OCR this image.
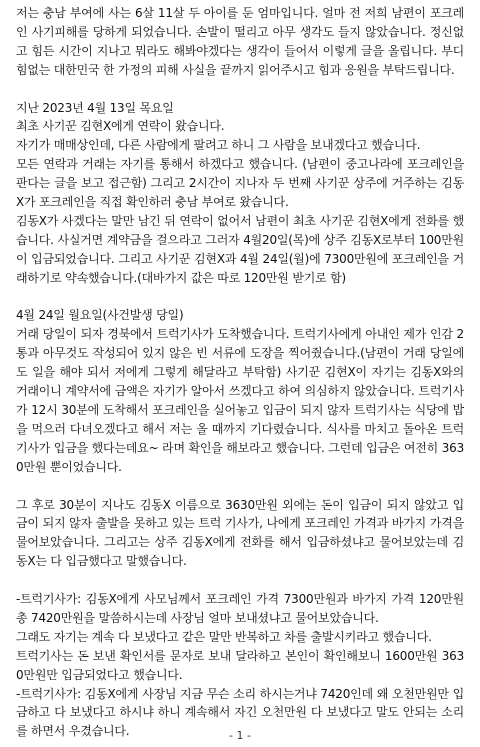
저는 충남 부여에 사는 6살 11살 두 아이를 둔 엄마입니다. 얼마 전 저희 남편이 포크레인 사기피해를 당하게 되었습니다. 손발이 떨리고 아무 생각도 들지 않았습니다. 정신없고 힘든 시간이 지나고 뭐라도 해봐야겠다는 생각이 들어서 이렇게 글을 올립니다. 부디 힘없는 대한민국 한 가정의 피해 사실을 끝까지 읽어주시고 힘과 응원을 부탁드립니다.

지난 2023년 4월 13일 목요일

최초 사기꾼 김현X에게 연락이 왔습니다.

자기가 매매상인데, 다른 사람에게 팔려고 하니 그 사람을 보내겠다고 했습니다.

모든 연락과 거래는 자기를 통해서 하겠다고 했습니다. (남편이 중고나라에 포크레인을 판다는 글을 보고 접근함) 그리고 2시간이 지나자 두 번째 사기꾼 상주에 거주하는 김동X가 포크레인을 직접 확인하러 충남 부여로 왔습니다.

김동X가 사겠다는 말만 남긴 뒤 연락이 없어서 남편이 최초 사기꾼 김현X에게 전화를 했습니다. 사실거면 계약금을 걸으라고 그러자 4월20일(목)에 상주 김동X로부터 100만원이 입금되었습니다. 그리고 사기꾼 김현X과 4월 24일(월)에 7300만원에 포크레인을 거래하기로 약속했습니다.(대바가지 값은 따로 120만원 받기로 함)

4월 24일 월요일(사건발생 당일)

거래 당일이 되자 경북에서 트럭기사가 도착했습니다. 트럭기사에게 아내인 제가 인감 2통과 아무것도 작성되어 있지 않은 빈 서류에 도장을 찍어줬습니다.(남편이 거래 당일에도 일을 해야 되서 저에게 그렇게 해달라고 부탁함) 사기꾼 김현X이 자기는 김동X와의 거래이니 계약서에 금액은 자기가 알아서 쓰겠다고 하여 의심하지 않았습니다. 트럭기사가 12시 30분에 도착해서 포크레인을 실어놓고 입금이 되지 않자 트럭기사는 식당에 밥을 먹으러 다녀오겠다고 해서 저는 올 때까지 기다렸습니다. 식사를 마치고 돌아온 트럭기사가 입금을 했다는데요~ 라며 확인을 해보라고 했습니다. 그런데 입금은 여전히 3630만원 뿐이었습니다.

그 후로 30분이 지나도 김동X 이름으로 3630만원 외에는 돈이 입금이 되지 않았고 입금이 되지 않자 출발을 못하고 있는 트럭 기사가, 나에게 포크레인 가격과 바가지 가격을 물어보았습니다. 그리고는 상주 김동X에게 전화를 해서 입금하셨냐고 물어보았는데 김동X는 다 입금했다고 말했습니다.

-트럭기사가: 김동X에게 사모님께서 포크레인 가격 7300만원과 바가지 가격 120만원 총 7420만원을 말씀하시는데 사장님 얼마 보내셨냐고 물어보았습니다.

그래도 자기는 계속 다 보냈다고 같은 말만 반복하고 차를 출발시키라고 했습니다.

트럭기사는 돈 보낸 확인서를 문자로 보내 달라하고 본인이 확인해보니 1600만원 3630만원만 입금되었다고 했습니다.

-트럭기사가: 김동X에게 사장님 지금 무슨 소리 하시는거냐 7420인데 왜 오천만원만 입금하고 다 보냈다고 하시냐 하니 계속해서 자긴 오천만원 다 보냈다고 말도 안되는 소리를 하면서 우겼습니다.	- 1 -
